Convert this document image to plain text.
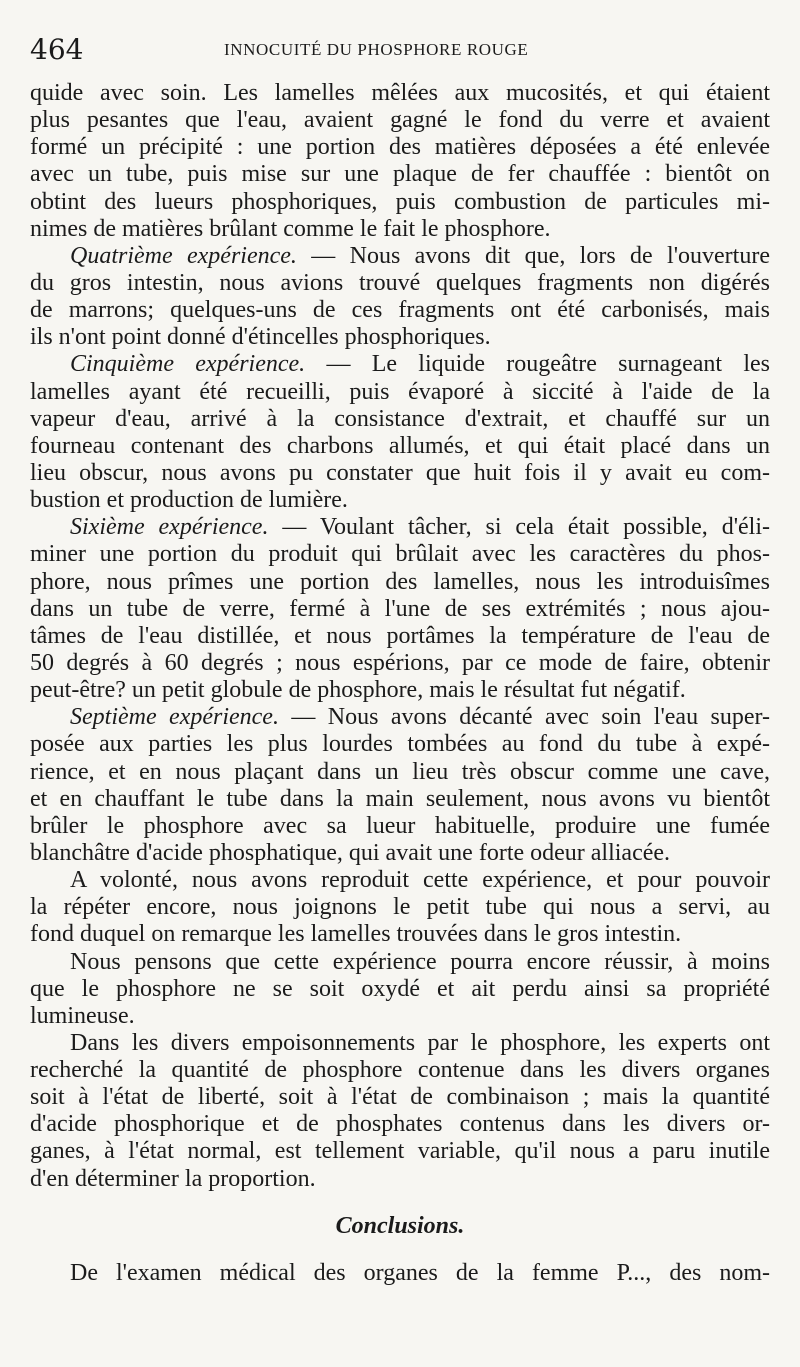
464	INNOCUITÉ DU PHOSPHORE ROUGE
quide avec soin. Les lamelles mêlées aux mucosités, et qui étaient
plus pesantes que l'eau, avaient gagné le fond du verre et avaient
formé un précipité : une portion des matières déposées a été enlevée
avec un tube, puis mise sur une plaque de fer chauffée : bientôt on
obtint des lueurs phosphoriques, puis combustion de particules mi-
nimes de matières brûlant comme le fait le phosphore.
Quatrième expérience. — Nous avons dit que, lors de l'ouverture
du gros intestin, nous avions trouvé quelques fragments non digérés
de marrons; quelques-uns de ces fragments ont été carbonisés, mais
ils n'ont point donné d'étincelles phosphoriques.
Cinquième expérience. — Le liquide rougeâtre surnageant les
lamelles ayant été recueilli, puis évaporé à siccité à l'aide de la
vapeur d'eau, arrivé à la consistance d'extrait, et chauffé sur un
fourneau contenant des charbons allumés, et qui était placé dans un
lieu obscur, nous avons pu constater que huit fois il y avait eu com-
bustion et production de lumière.
Sixième expérience. — Voulant tâcher, si cela était possible, d'éli-
miner une portion du produit qui brûlait avec les caractères du phos-
phore, nous prîmes une portion des lamelles, nous les introduisîmes
dans un tube de verre, fermé à l'une de ses extrémités ; nous ajou-
tâmes de l'eau distillée, et nous portâmes la température de l'eau de
50 degrés à 60 degrés ; nous espérions, par ce mode de faire, obtenir
peut-être? un petit globule de phosphore, mais le résultat fut négatif.
Septième expérience. — Nous avons décanté avec soin l'eau super-
posée aux parties les plus lourdes tombées au fond du tube à expé-
rience, et en nous plaçant dans un lieu très obscur comme une cave,
et en chauffant le tube dans la main seulement, nous avons vu bientôt
brûler le phosphore avec sa lueur habituelle, produire une fumée
blanchâtre d'acide phosphatique, qui avait une forte odeur alliacée.
A volonté, nous avons reproduit cette expérience, et pour pouvoir
la répéter encore, nous joignons le petit tube qui nous a servi, au
fond duquel on remarque les lamelles trouvées dans le gros intestin.
Nous pensons que cette expérience pourra encore réussir, à moins
que le phosphore ne se soit oxydé et ait perdu ainsi sa propriété
lumineuse.
Dans les divers empoisonnements par le phosphore, les experts ont
recherché la quantité de phosphore contenue dans les divers organes
soit à l'état de liberté, soit à l'état de combinaison ; mais la quantité
d'acide phosphorique et de phosphates contenus dans les divers or-
ganes, à l'état normal, est tellement variable, qu'il nous a paru inutile
d'en déterminer la proportion.
Conclusions.
De l'examen médical des organes de la femme P..., des nom-
